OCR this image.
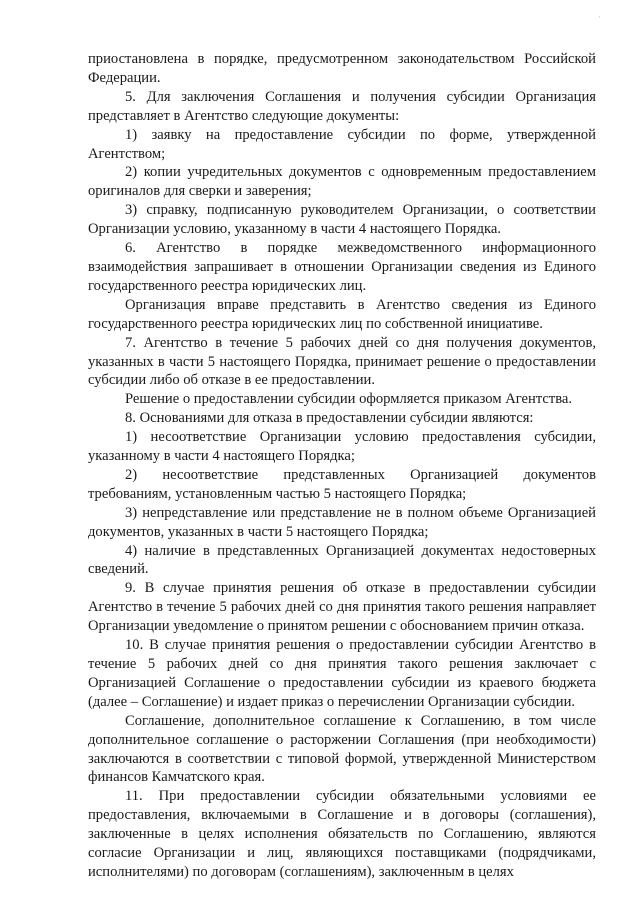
·

приостановлена в порядке, предусмотренном законодательством Российской Федерации.

5. Для заключения Соглашения и получения субсидии Организация представляет в Агентство следующие документы:

1) заявку на предоставление субсидии по форме, утвержденной Агентством;

2) копии учредительных документов с одновременным предоставлением оригиналов для сверки и заверения;

3) справку, подписанную руководителем Организации, о соответствии Организации условию, указанному в части 4 настоящего Порядка.

6. Агентство в порядке межведомственного информационного взаимодействия запрашивает в отношении Организации сведения из Единого государственного реестра юридических лиц.

Организация вправе представить в Агентство сведения из Единого государственного реестра юридических лиц по собственной инициативе.

7. Агентство в течение 5 рабочих дней со дня получения документов, указанных в части 5 настоящего Порядка, принимает решение о предоставлении субсидии либо об отказе в ее предоставлении.

Решение о предоставлении субсидии оформляется приказом Агентства.

8. Основаниями для отказа в предоставлении субсидии являются:

1) несоответствие Организации условию предоставления субсидии, указанному в части 4 настоящего Порядка;

2) несоответствие представленных Организацией документов требованиям, установленным частью 5 настоящего Порядка;

3) непредставление или представление не в полном объеме Организацией документов, указанных в части 5 настоящего Порядка;

4) наличие в представленных Организацией документах недостоверных сведений.

9. В случае принятия решения об отказе в предоставлении субсидии Агентство в течение 5 рабочих дней со дня принятия такого решения направляет Организации уведомление о принятом решении с обоснованием причин отказа.

10. В случае принятия решения о предоставлении субсидии Агентство в течение 5 рабочих дней со дня принятия такого решения заключает с Организацией Соглашение о предоставлении субсидии из краевого бюджета (далее – Соглашение) и издает приказ о перечислении Организации субсидии.

Соглашение, дополнительное соглашение к Соглашению, в том числе дополнительное соглашение о расторжении Соглашения (при необходимости) заключаются в соответствии с типовой формой, утвержденной Министерством финансов Камчатского края.

11. При предоставлении субсидии обязательными условиями ее предоставления, включаемыми в Соглашение и в договоры (соглашения), заключенные в целях исполнения обязательств по Соглашению, являются согласие Организации и лиц, являющихся поставщиками (подрядчиками, исполнителями) по договорам (соглашениям), заключенным в целях
